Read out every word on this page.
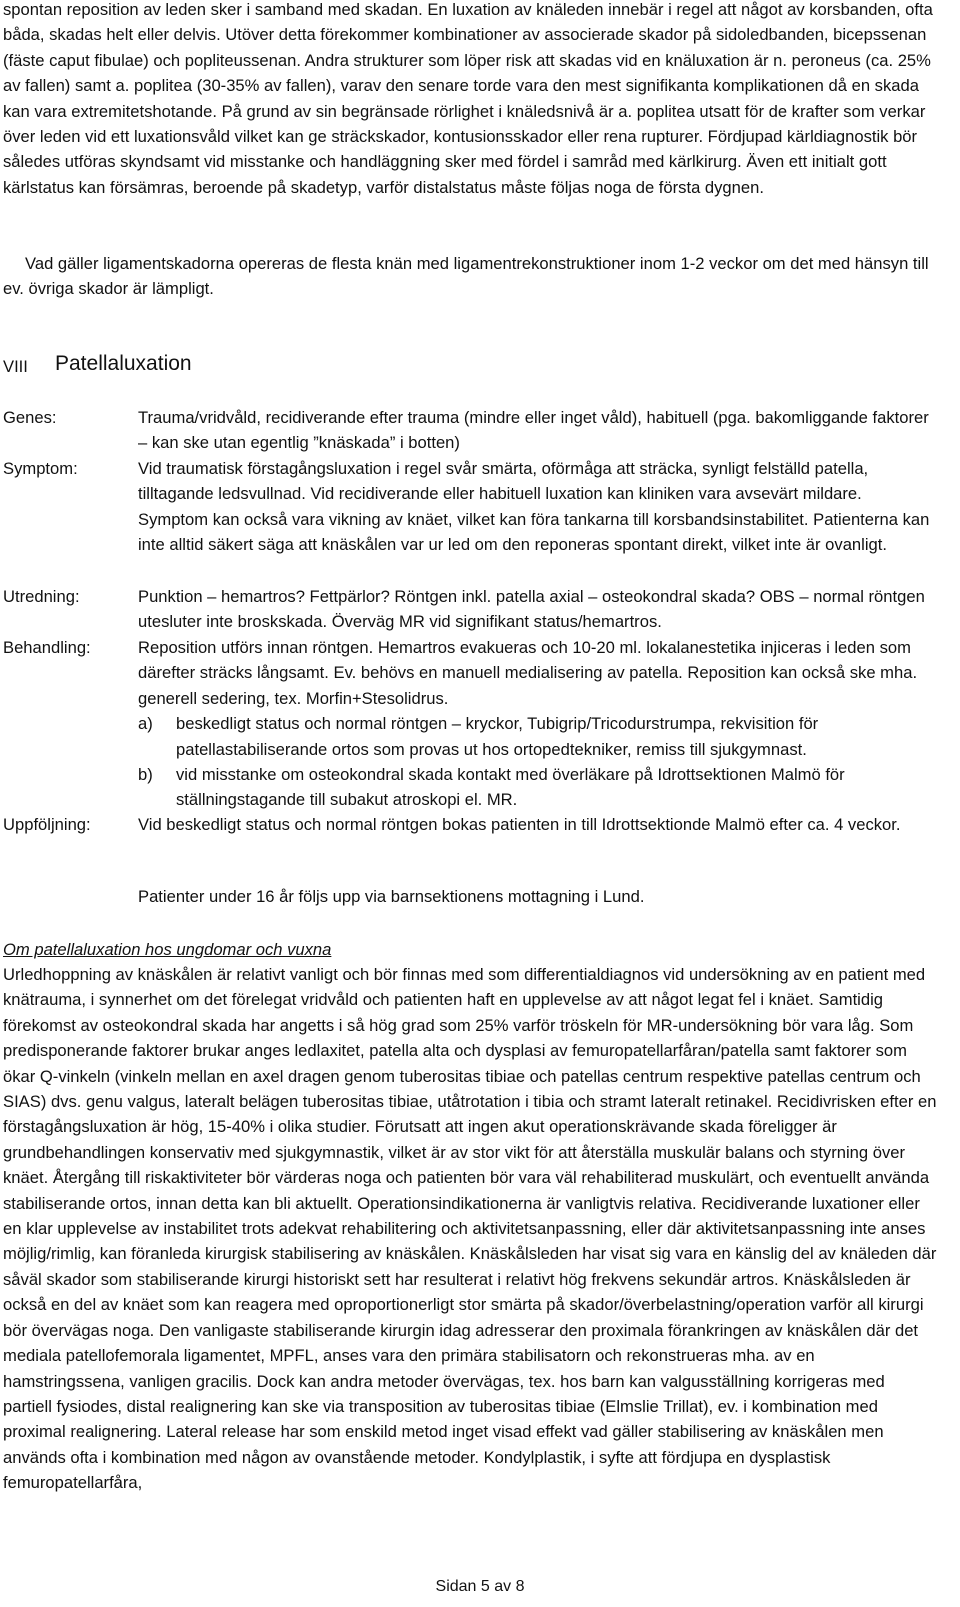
spontan reposition av leden sker i samband med skadan. En luxation av knäleden innebär i regel att något av korsbanden, ofta båda, skadas helt eller delvis. Utöver detta förekommer kombinationer av associerade skador på sidoledbanden, bicepssenan (fäste caput fibulae) och popliteussenan. Andra strukturer som löper risk att skadas vid en knäluxation är n. peroneus (ca. 25% av fallen) samt a. poplitea (30-35% av fallen), varav den senare torde vara den mest signifikanta komplikationen då en skada kan vara extremitetshotande. På grund av sin begränsade rörlighet i knäledsnivå är a. poplitea utsatt för de krafter som verkar över leden vid ett luxationsvåld vilket kan ge sträckskador, kontusionsskador eller rena rupturer. Fördjupad kärldiagnostik bör således utföras skyndsamt vid misstanke och handläggning sker med fördel i samråd med kärlkirurg. Även ett initialt gott kärlstatus kan försämras, beroende på skadetyp, varför distalstatus måste följas noga de första dygnen.

Vad gäller ligamentskadorna opereras de flesta knän med ligamentrekonstruktioner inom 1-2 veckor om det med hänsyn till ev. övriga skador är lämpligt.

VIII Patellaluxation
Genes:	Trauma/vridvåld, recidiverande efter trauma (mindre eller inget våld), habituell (pga. bakomliggande faktorer – kan ske utan egentlig ”knäskada” i botten)
Symptom:	Vid traumatisk förstagångsluxation i regel svår smärta, oförmåga att sträcka, synligt felställd patella, tilltagande ledsvullnad. Vid recidiverande eller habituell luxation kan kliniken vara avsevärt mildare. Symptom kan också vara vikning av knäet, vilket kan föra tankarna till korsbandsinstabilitet. Patienterna kan inte alltid säkert säga att knäskålen var ur led om den reponeras spontant direkt, vilket inte är ovanligt.
Utredning:	Punktion – hemartros? Fettpärlor? Röntgen inkl. patella axial – osteokondral skada? OBS – normal röntgen utesluter inte broskskada. Överväg MR vid signifikant status/hemartros.
Behandling:	Reposition utförs innan röntgen. Hemartros evakueras och 10-20 ml. lokalanestetika injiceras i leden som därefter sträcks långsamt. Ev. behövs en manuell medialisering av patella. Reposition kan också ske mha. generell sedering, tex. Morfin+Stesolidrus.
a) beskedligt status och normal röntgen – kryckor, Tubigrip/Tricodurstrumpa, rekvisition för patellastabiliserande ortos som provas ut hos ortopedtekniker, remiss till sjukgymnast.
b) vid misstanke om osteokondral skada kontakt med överläkare på Idrottsektionen Malmö för ställningstagande till subakut atroskopi el. MR.
Uppföljning:	Vid beskedligt status och normal röntgen bokas patienten in till Idrottsektionde Malmö efter ca. 4 veckor.
Patienter under 16 år följs upp via barnsektionens mottagning i Lund.
Om patellaluxation hos ungdomar och vuxna

Urledhoppning av knäskålen är relativt vanligt och bör finnas med som differentialdiagnos vid undersökning av en patient med knätrauma, i synnerhet om det förelegat vridvåld och patienten haft en upplevelse av att något legat fel i knäet. Samtidig förekomst av osteokondral skada har angetts i så hög grad som 25% varför tröskeln för MR-undersökning bör vara låg. Som predisponerande faktorer brukar anges ledlaxitet, patella alta och dysplasi av femuropatellarfåran/patella samt faktorer som ökar Q-vinkeln (vinkeln mellan en axel dragen genom tuberositas tibiae och patellas centrum respektive patellas centrum och SIAS) dvs. genu valgus, lateralt belägen tuberositas tibiae, utåtrotation i tibia och stramt lateralt retinakel. Recidivrisken efter en förstagångsluxation är hög, 15-40% i olika studier. Förutsatt att ingen akut operationskrävande skada föreligger är grundbehandlingen konservativ med sjukgymnastik, vilket är av stor vikt för att återställa muskulär balans och styrning över knäet. Återgång till riskaktiviteter bör värderas noga och patienten bör vara väl rehabiliterad muskulärt, och eventuellt använda stabiliserande ortos, innan detta kan bli aktuellt. Operationsindikationerna är vanligtvis relativa. Recidiverande luxationer eller en klar upplevelse av instabilitet trots adekvat rehabilitering och aktivitetsanpassning, eller där aktivitetsanpassning inte anses möjlig/rimlig, kan föranleda kirurgisk stabilisering av knäskålen. Knäskålsleden har visat sig vara en känslig del av knäleden där såväl skador som stabiliserande kirurgi historiskt sett har resulterat i relativt hög frekvens sekundär artros. Knäskålsleden är också en del av knäet som kan reagera med oproportionerligt stor smärta på skador/överbelastning/operation varför all kirurgi bör övervägas noga. Den vanligaste stabiliserande kirurgin idag adresserar den proximala förankringen av knäskålen där det mediala patellofemorala ligamentet, MPFL, anses vara den primära stabilisatorn och rekonstrueras mha. av en hamstringssena, vanligen gracilis. Dock kan andra metoder övervägas, tex. hos barn kan valgusställning korrigeras med partiell fysiodes, distal realignering kan ske via transposition av tuberositas tibiae (Elmslie Trillat), ev. i kombination med proximal realignering. Lateral release har som enskild metod inget visad effekt vad gäller stabilisering av knäskålen men används ofta i kombination med någon av ovanstående metoder. Kondylplastik, i syfte att fördjupa en dysplastisk femuropatellarfåra,

Sidan 5 av 8
